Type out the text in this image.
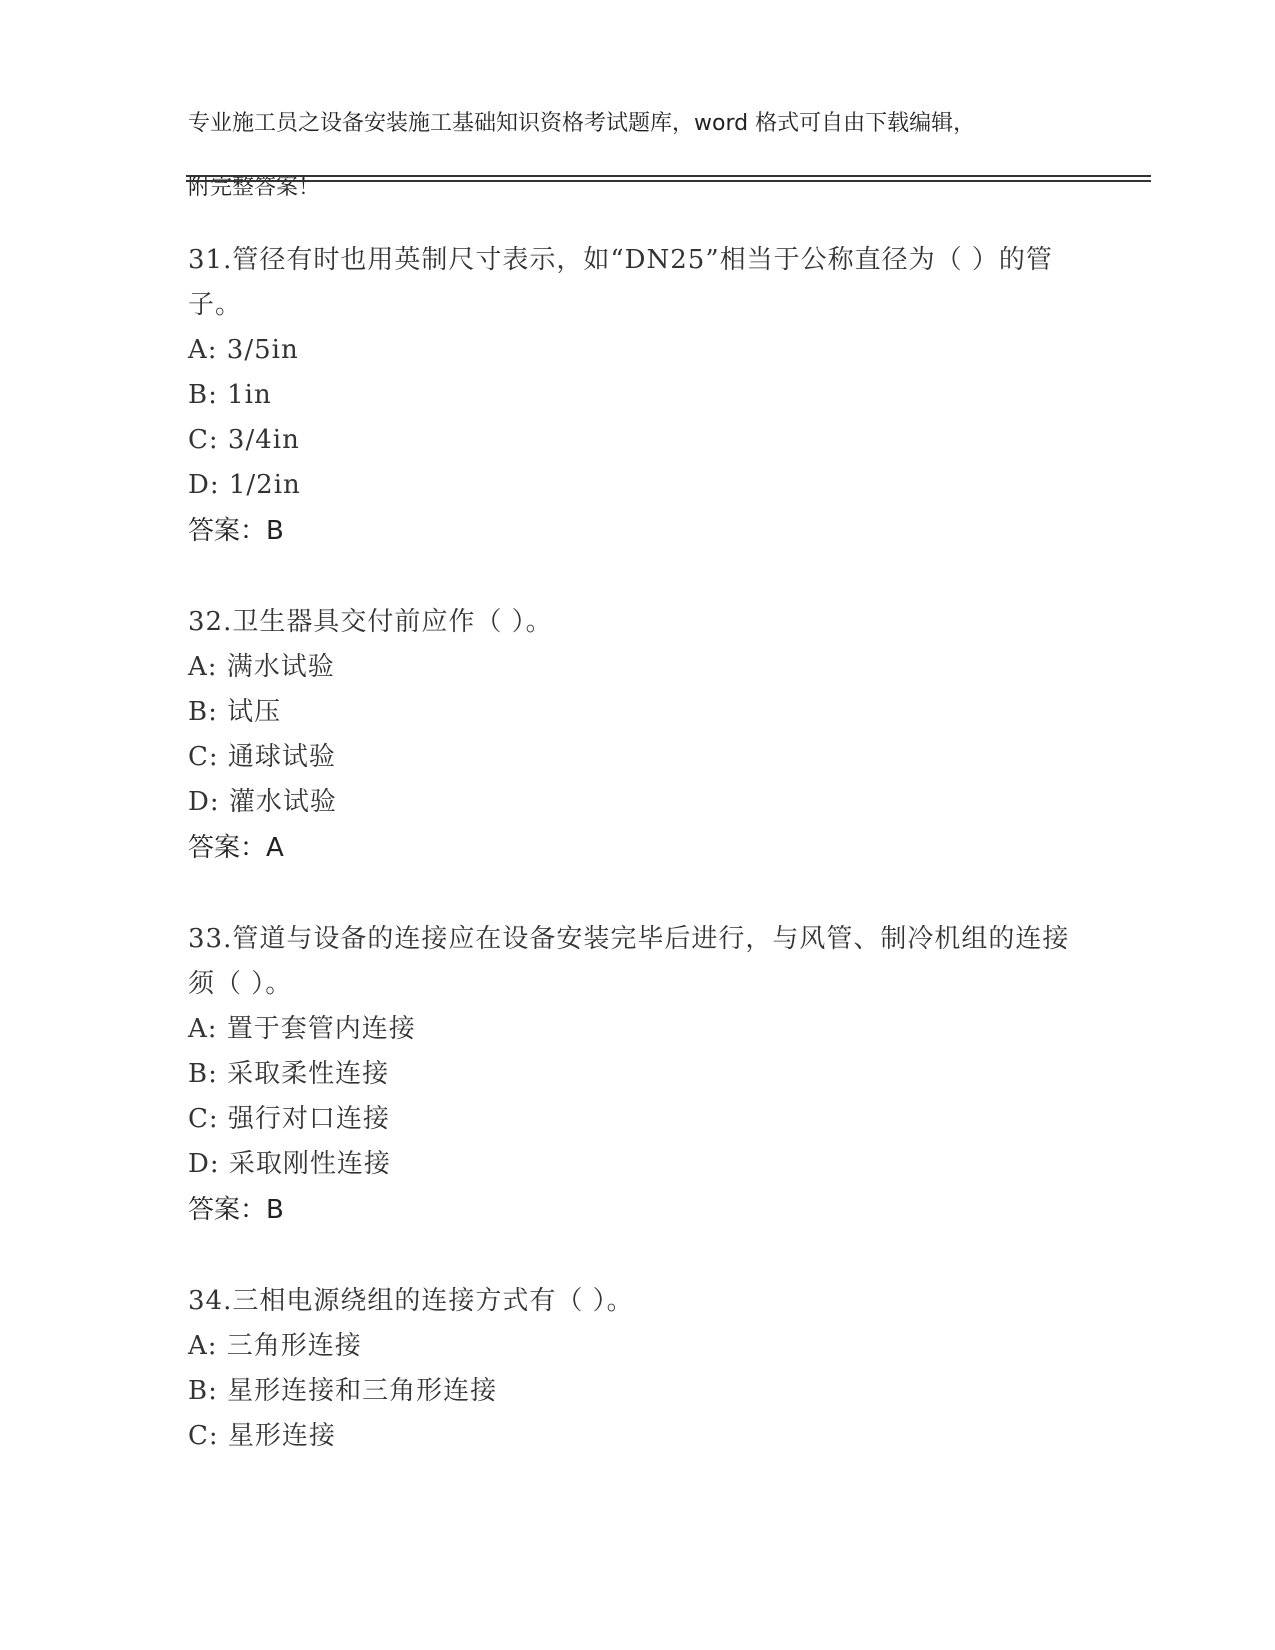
专业施工员之设备安装施工基础知识资格考试题库，word 格式可自由下载编辑，

附完整答案！

31.管径有时也用英制尺寸表示，如“DN25”相当于公称直径为（ ）的管子。

A: 3/5in

B: 1in

C: 3/4in

D: 1/2in

答案：B

32.卫生器具交付前应作（ ）。

A: 满水试验

B: 试压

C: 通球试验

D: 灌水试验

答案：A

33.管道与设备的连接应在设备安装完毕后进行，与风管、制冷机组的连接须（ ）。

A: 置于套管内连接

B: 采取柔性连接

C: 强行对口连接

D: 采取刚性连接

答案：B

34.三相电源绕组的连接方式有（ ）。

A: 三角形连接

B: 星形连接和三角形连接

C: 星形连接
